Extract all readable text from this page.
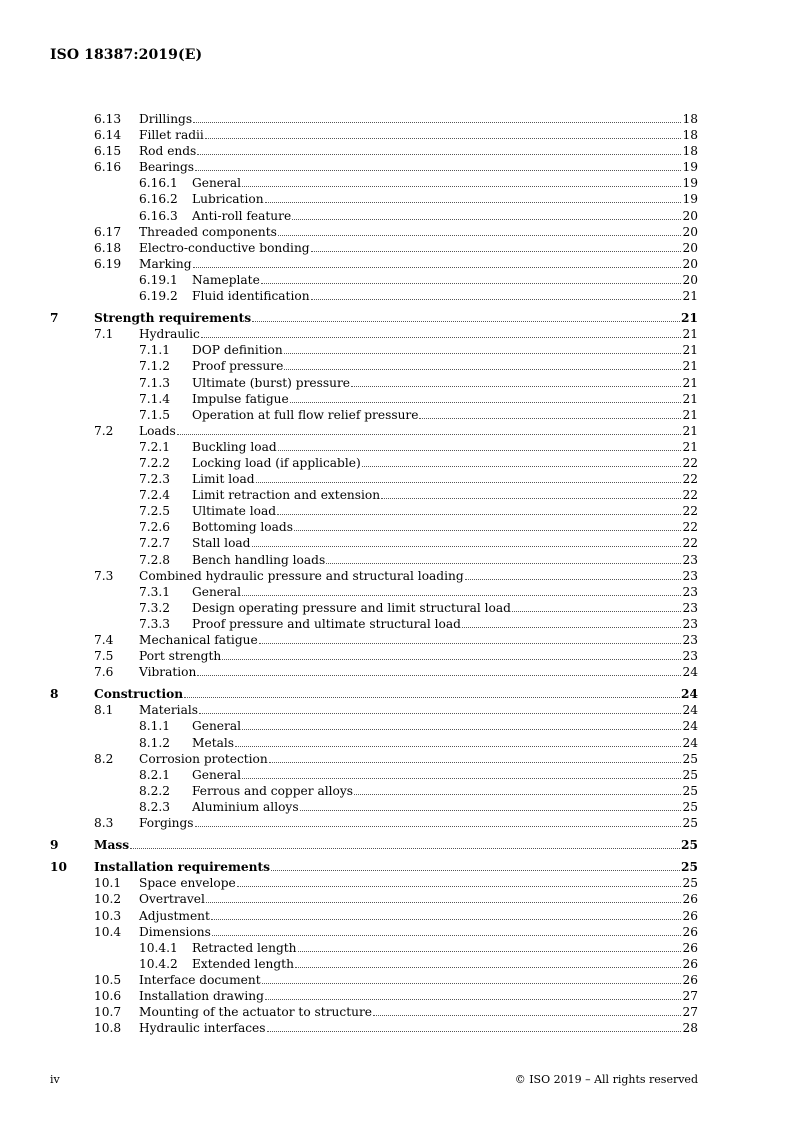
ISO 18387:2019(E)
6.13 Drillings	18
6.14 Fillet radii	18
6.15 Rod ends	18
6.16 Bearings	19
6.16.1 General	19
6.16.2 Lubrication	19
6.16.3 Anti-roll feature	20
6.17 Threaded components	20
6.18 Electro-conductive bonding	20
6.19 Marking	20
6.19.1 Nameplate	20
6.19.2 Fluid identification	21
7	Strength requirements	21
7.1 Hydraulic	21
7.1.1 DOP definition	21
7.1.2 Proof pressure	21
7.1.3 Ultimate (burst) pressure	21
7.1.4 Impulse fatigue	21
7.1.5 Operation at full flow relief pressure	21
7.2 Loads	21
7.2.1 Buckling load	21
7.2.2 Locking load (if applicable)	22
7.2.3 Limit load	22
7.2.4 Limit retraction and extension	22
7.2.5 Ultimate load	22
7.2.6 Bottoming loads	22
7.2.7 Stall load	22
7.2.8 Bench handling loads	23
7.3 Combined hydraulic pressure and structural loading	23
7.3.1 General	23
7.3.2 Design operating pressure and limit structural load	23
7.3.3 Proof pressure and ultimate structural load	23
7.4 Mechanical fatigue	23
7.5 Port strength	23
7.6 Vibration	24
8	Construction	24
8.1 Materials	24
8.1.1 General	24
8.1.2 Metals	24
8.2 Corrosion protection	25
8.2.1 General	25
8.2.2 Ferrous and copper alloys	25
8.2.3 Aluminium alloys	25
8.3 Forgings	25
9	Mass	25
10 Installation requirements	25
10.1 Space envelope	25
10.2 Overtravel	26
10.3 Adjustment	26
10.4 Dimensions	26
10.4.1 Retracted length	26
10.4.2 Extended length	26
10.5 Interface document	26
10.6 Installation drawing	27
10.7 Mounting of the actuator to structure	27
10.8 Hydraulic interfaces	28
iv	© ISO 2019 – All rights reserved
